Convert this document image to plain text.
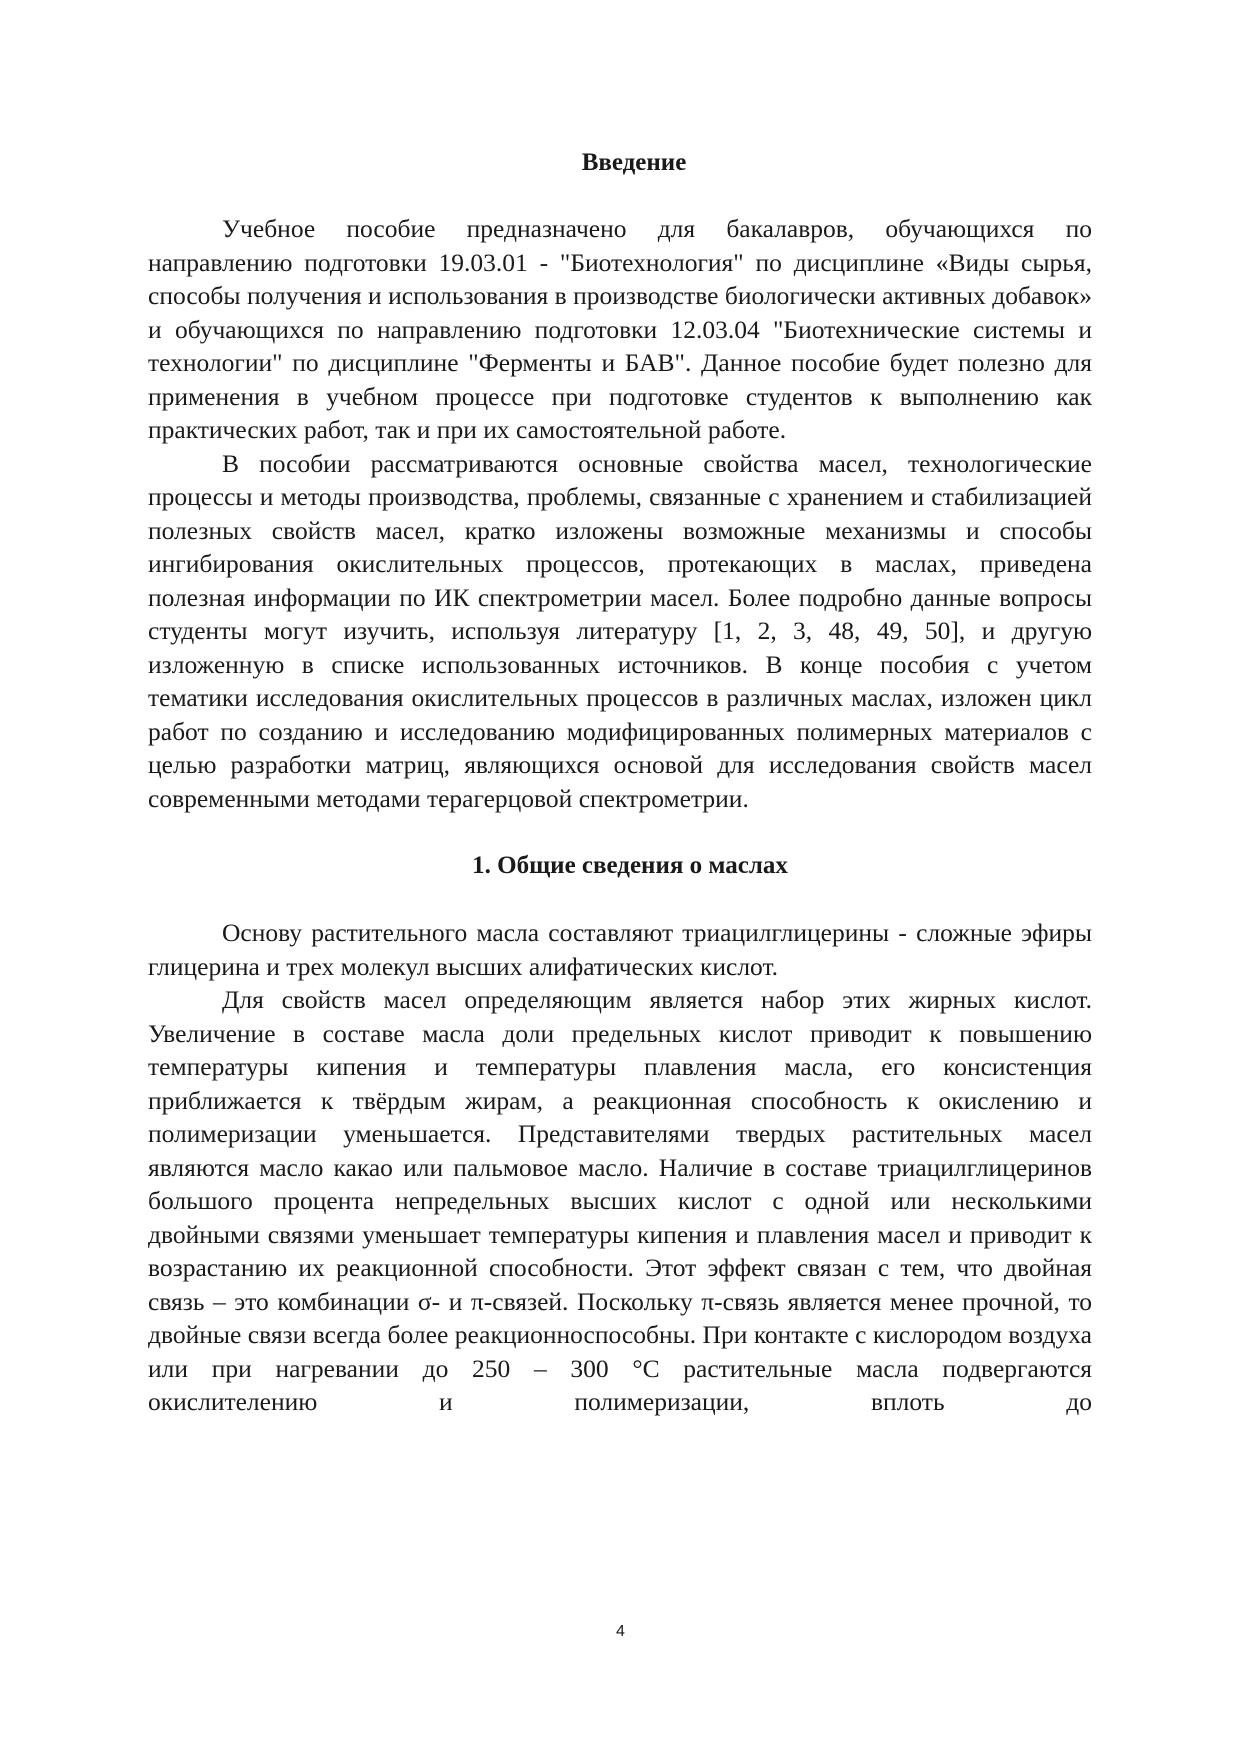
Введение

Учебное пособие предназначено для бакалавров, обучающихся по направлению подготовки 19.03.01 - "Биотехнология" по дисциплине «Виды сырья, способы получения и использования в производстве биологически активных добавок» и обучающихся по направлению подготовки 12.03.04 "Биотехнические системы и технологии" по дисциплине "Ферменты и БАВ". Данное пособие будет полезно для применения в учебном процессе при подготовке студентов к выполнению как практических работ, так и при их самостоятельной работе.

В пособии рассматриваются основные свойства масел, технологические процессы и методы производства, проблемы, связанные с хранением и стабилизацией полезных свойств масел, кратко изложены возможные механизмы и способы ингибирования окислительных процессов, протекающих в маслах, приведена полезная информации по ИК спектрометрии масел. Более подробно данные вопросы студенты могут изучить, используя литературу [1, 2, 3, 48, 49, 50], и другую изложенную в списке использованных источников. В конце пособия с учетом тематики исследования окислительных процессов в различных маслах, изложен цикл работ по созданию и исследованию модифицированных полимерных материалов с целью разработки матриц, являющихся основой для исследования свойств масел современными методами терагерцовой спектрометрии.

1. Общие сведения о маслах

Основу растительного масла составляют триацилглицерины - сложные эфиры глицерина и трех молекул высших алифатических кислот.

Для свойств масел определяющим является набор этих жирных кислот. Увеличение в составе масла доли предельных кислот приводит к повышению температуры кипения и температуры плавления масла, его консистенция приближается к твёрдым жирам, а реакционная способность к окислению и полимеризации уменьшается. Представителями твердых растительных масел являются масло какао или пальмовое масло. Наличие в составе триацилглицеринов большого процента непредельных высших кислот с одной или несколькими двойными связями уменьшает температуры кипения и плавления масел и приводит к возрастанию их реакционной способности. Этот эффект связан с тем, что двойная связь – это комбинации σ- и π-связей. Поскольку π-связь является менее прочной, то двойные связи всегда более реакционноспособны. При контакте с кислородом воздуха или при нагревании до 250 – 300 °С растительные масла подвергаются окислителению и полимеризации, вплоть до

4
